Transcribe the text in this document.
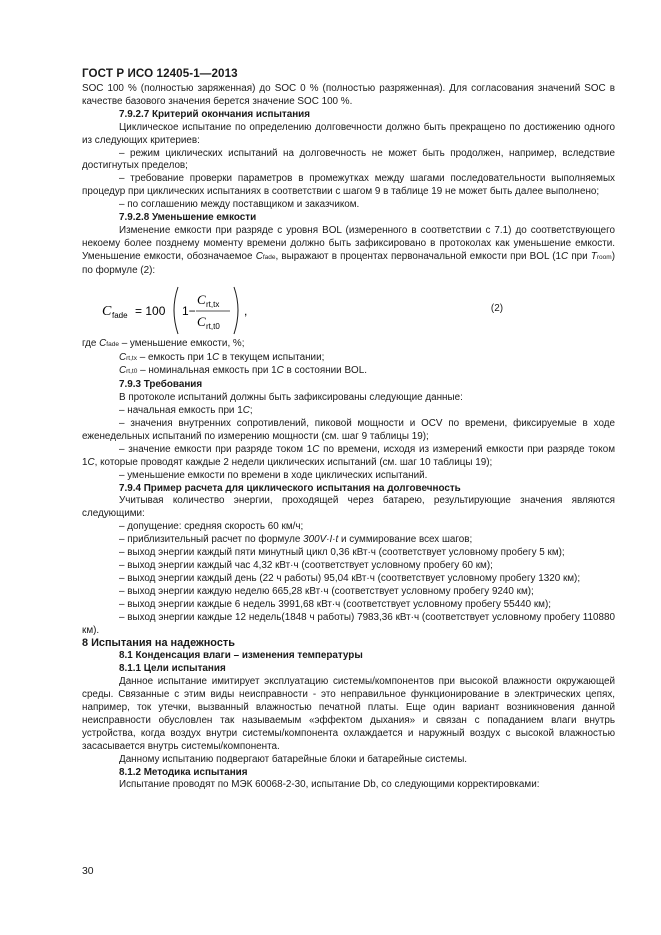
ГОСТ Р ИСО 12405-1—2013

SOC 100 % (полностью заряженная) до SOC 0 % (полностью разряженная). Для согласования значений SOC в качестве базового значения берется значение SOC 100 %.

7.9.2.7 Критерий окончания испытания

Циклическое испытание по определению долговечности должно быть прекращено по достижению одного из следующих критериев:

– режим циклических испытаний на долговечность не может быть продолжен, например, вследствие достигнутых пределов;

– требование проверки параметров в промежутках между шагами последовательности выполняемых процедур при циклических испытаниях в соответствии с шагом 9 в таблице 19 не может быть далее выполнено;

– по соглашению между поставщиком и заказчиком.

7.9.2.8 Уменьшение емкости

Изменение емкости при разряде с уровня BOL (измеренного в соответствии с 7.1) до соответствующего некоему более позднему моменту времени должно быть зафиксировано в протоколах как уменьшение емкости. Уменьшение емкости, обозначаемое Cfade, выражают в процентах первоначальной емкости при BOL (1C при Troom) по формуле (2):

C fade = 100 1−
C rt,tx
C rt,t0
,	(2)

где Cfade – уменьшение емкости, %;

Crt,tx – емкость при 1C в текущем испытании;

Crt,t0 – номинальная емкость при 1C в состоянии BOL.

7.9.3 Требования

В протоколе испытаний должны быть зафиксированы следующие данные:

– начальная емкость при 1C;

– значения внутренних сопротивлений, пиковой мощности и OCV по времени, фиксируемые в ходе еженедельных испытаний по измерению мощности (см. шаг 9 таблицы 19);

– значение емкости при разряде током 1C по времени, исходя из измерений емкости при разряде током 1C, которые проводят каждые 2 недели циклических испытаний (см. шаг 10 таблицы 19);

– уменьшение емкости по времени в ходе циклических испытаний.

7.9.4 Пример расчета для циклического испытания на долговечность

Учитывая количество энергии, проходящей через батарею, результирующие значения являются следующими:

– допущение: средняя скорость 60 км/ч;

– приблизительный расчет по формуле 300V·I·t и суммирование всех шагов;

– выход энергии каждый пяти минутный цикл 0,36 кВт·ч (соответствует условному пробегу 5 км);

– выход энергии каждый час 4,32 кВт·ч (соответствует условному пробегу 60 км);

– выход энергии каждый день (22 ч работы) 95,04 кВт·ч (соответствует условному пробегу 1320 км);

– выход энергии каждую неделю 665,28 кВт·ч (соответствует условному пробегу 9240 км);

– выход энергии каждые 6 недель 3991,68 кВт·ч (соответствует условному пробегу 55440 км);

– выход энергии каждые 12 недель(1848 ч работы) 7983,36 кВт·ч (соответствует условному пробегу 110880 км).

8 Испытания на надежность

8.1 Конденсация влаги – изменения температуры

8.1.1 Цели испытания

Данное испытание имитирует эксплуатацию системы/компонентов при высокой влажности окружающей среды. Связанные с этим виды неисправности - это неправильное функционирование в электрических цепях, например, ток утечки, вызванный влажностью печатной платы. Еще один вариант возникновения данной неисправности обусловлен так называемым «эффектом дыхания» и связан с попаданием влаги внутрь устройства, когда воздух внутри системы/компонента охлаждается и наружный воздух с высокой влажностью засасывается внутрь системы/компонента.

Данному испытанию подвергают батарейные блоки и батарейные системы.

8.1.2 Методика испытания

Испытание проводят по МЭК 60068-2-30, испытание Db, со следующими корректировками:

30
